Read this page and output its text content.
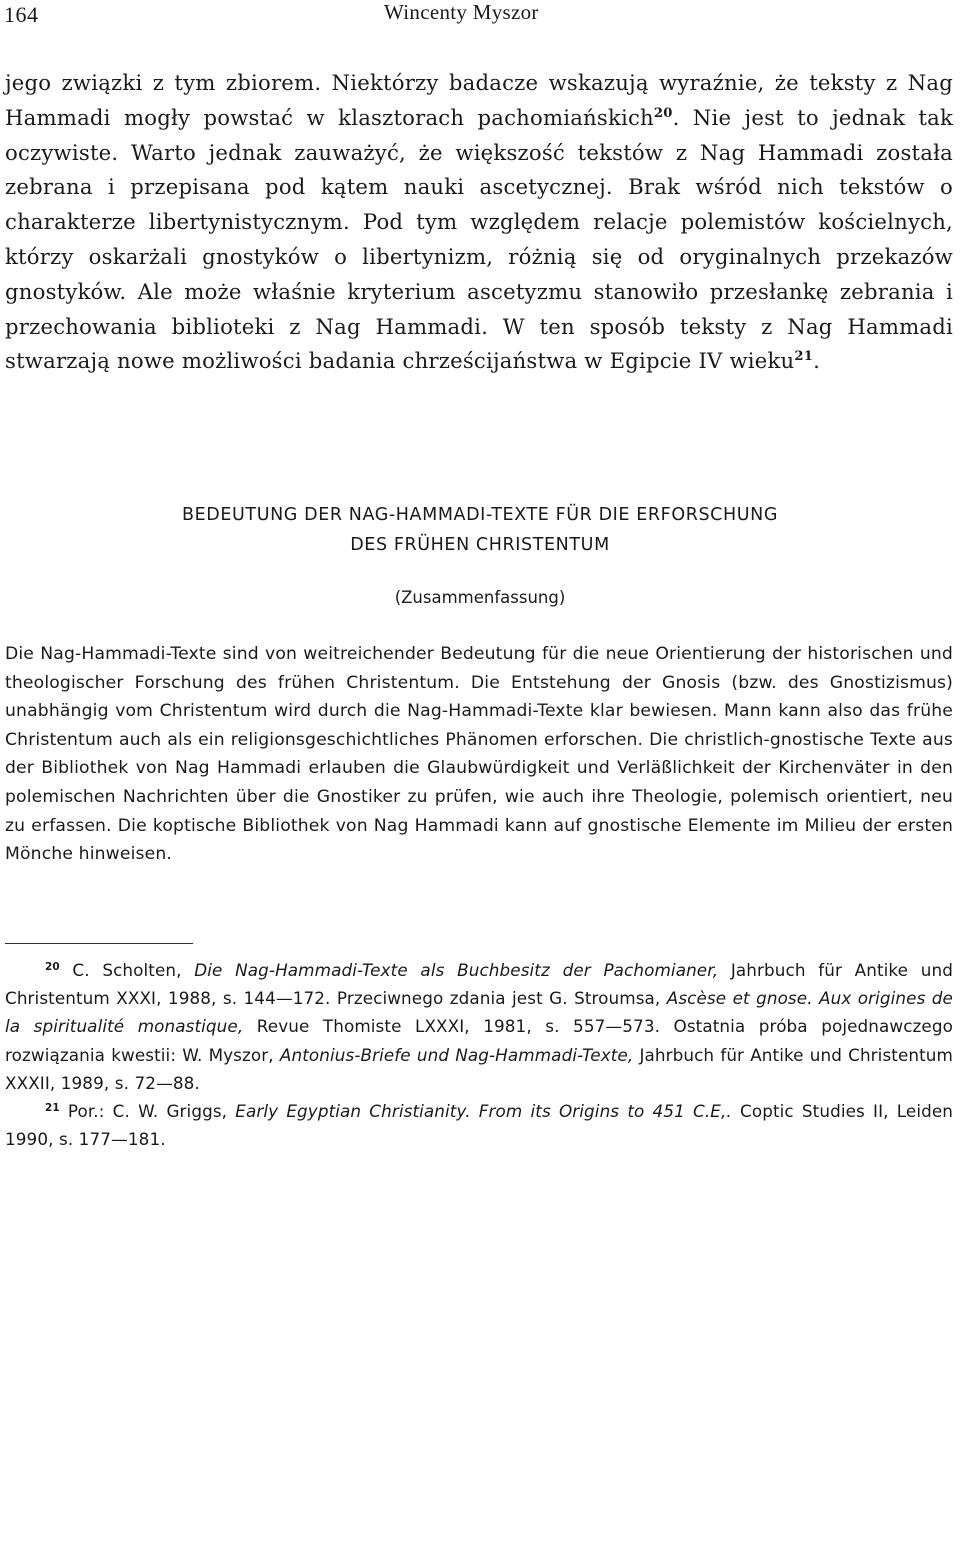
164	Wincenty Myszor

jego związki z tym zbiorem. Niektórzy badacze wskazują wyraźnie, że teksty z Nag Hammadi mogły powstać w klasztorach pachomiańskich$^{20}$. Nie jest to jednak tak oczywiste. Warto jednak zauważyć, że większość tekstów z Nag Hammadi została zebrana i przepisana pod kątem nauki ascetycznej. Brak wśród nich tekstów o charakterze libertynistycznym. Pod tym względem relacje polemistów kościelnych, którzy oskarżali gnostyków o libertynizm, różnią się od oryginalnych przekazów gnostyków. Ale może właśnie kryterium ascetyzmu stanowiło przesłankę zebrania i przechowania biblioteki z Nag Hammadi. W ten sposób teksty z Nag Hammadi stwarzają nowe możliwości badania chrześcijaństwa w Egipcie IV wieku$^{21}$.

BEDEUTUNG DER NAG-HAMMADI-TEXTE FÜR DIE ERFORSCHUNG
DES FRÜHEN CHRISTENTUM

(Zusammenfassung)

Die Nag-Hammadi-Texte sind von weitreichender Bedeutung für die neue Orientierung der historischen und theologischer Forschung des frühen Christentum. Die Entstehung der Gnosis (bzw. des Gnostizismus) unabhängig vom Christentum wird durch die Nag-Hammadi-Texte klar bewiesen. Mann kann also das frühe Christentum auch als ein religionsgeschichtliches Phänomen erforschen. Die christlich-gnostische Texte aus der Bibliothek von Nag Hammadi erlauben die Glaubwürdigkeit und Verläßlichkeit der Kirchenväter in den polemischen Nachrichten über die Gnostiker zu prüfen, wie auch ihre Theologie, polemisch orientiert, neu zu erfassen. Die koptische Bibliothek von Nag Hammadi kann auf gnostische Elemente im Milieu der ersten Mönche hinweisen.

$^{20}$ C. Scholten, Die Nag-Hammadi-Texte als Buchbesitz der Pachomianer, Jahrbuch für Antike und Christentum XXXI, 1988, s. 144—172. Przeciwnego zdania jest G. Stroumsa, Ascèse et gnose. Aux origines de la spiritualité monastique, Revue Thomiste LXXXI, 1981, s. 557—573. Ostatnia próba pojednawczego rozwiązania kwestii: W. Myszor, Antonius-Briefe und Nag-Hammadi-Texte, Jahrbuch für Antike und Christentum XXXII, 1989, s. 72—88.

$^{21}$ Por.: C. W. Griggs, Early Egyptian Christianity. From its Origins to 451 C.E,. Coptic Studies II, Leiden 1990, s. 177—181.
